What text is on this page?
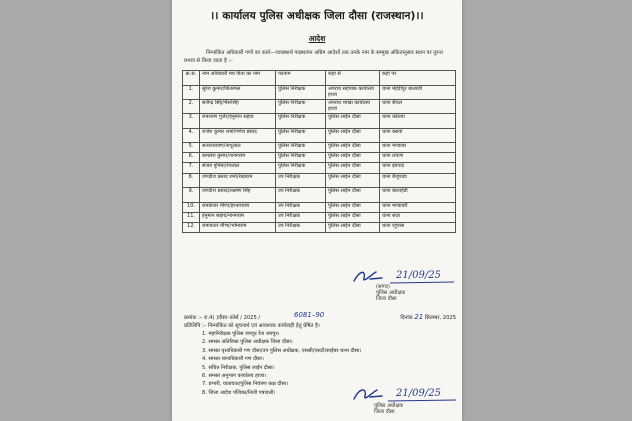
।। कार्यालय पुलिस अधीक्षक जिला दौसा (राजस्थान)।।
आदेश
निम्नांकित अधिकारी गणों का कार्य—व्यवस्थार्थ पदस्थापन अग्रिम आदेशों तक उनके नाम के सम्मुख अंकितानुसार स्थान पर तुरन्त प्रभाव से किया जाता है :–
क्र.स.	नाम अधिकारी मय पिता का नाम	पदनाम	कहा से	कहां पर
1.	सुरेश कुमार/छितरमल	पुलिस निरीक्षक	अपराध सहायक कार्यालय हाजा	थाना मेहंदीपुर बालाजी
2.	सजैन्द्र सिंह/भैरूसिंह	पुलिस निरीक्षक	अपराध शाखा कार्यालय हाजा	थाना सैंथल
3.	रामशरण गुर्जर/हनुमान सहाय	पुलिस निरीक्षक	पुलिस लाईन दौसा	थाना कोलवा
4.	राजेश कुमार शर्मा/गणेश प्रसाद	पुलिस निरीक्षक	पुलिस लाईन दौसा	थाना बसवा
5.	सत्यनारायण/नाथूलाल	पुलिस निरीक्षक	पुलिस लाईन दौसा	थाना मण्डावर
6.	कमलेश कुमार/नानगराम	पुलिस निरीक्षक	पुलिस लाईन दौसा	थाना लवाण
7.	संजय पुनिया/रंगलाल	पुलिस निरीक्षक	पुलिस लाईन दौसा	थाना झापदा
8.	जगदीश प्रसाद शर्मा/रेखाराम	उप निरीक्षक	पुलिस लाईन दौसा	थाना बैजूपाडा
9.	जगदीश प्रसाद/लक्ष्मण सिंह	उप निरीक्षक	पुलिस लाईन दौसा	थाना बालाहेडी
10.	रामकंवार मीणा/हरनारायण	उप निरीक्षक	पुलिस लाईन दौसा	थाना मण्डावरी
11.	हनुमान सहाय/नानगराम	उप निरीक्षक	पुलिस लाईन दौसा	थाना सदर
12.	रामावतार मीणा/भोमाराम	उप निरीक्षक	पुलिस लाईन दौसा	थाना रहुवास
21/09/25
(सागर)
पुलिस अधीक्षक
जिला दौसा
क्रमांक :– रा.4( )दौसा–कोर्स / 2025 /	6081–90	दिनांक 21 सितम्बर, 2025
प्रतिलिपि :– निम्नांकित को सूचनार्थ एवं आवश्यक कार्यवाही हेतु प्रेषित है।
1. महानिरीक्षक पुलिस जयपुर रेंज जयपुर।
2. समस्त अतिरिक्त पुलिस अधीक्षक जिला दौसा।
3. समस्त वृत्ताधिकारी गण दौसा/उप पुलिस अधीक्षक, एससी/एसटी/साईबर थाना दौसा।
4. समस्त थानाधिकारी गण दौसा।
5. संचित निरीक्षक, पुलिस लाईन दौसा।
6. समस्त अनुभाग कार्यालय हाजा।
7. प्रभारी, यातायात/पुलिस नियंत्रण कक्ष दौसा।
8. जिला आदेश पंजिका/निजी पत्रावली।	21/09/25
पुलिस अधीक्षक
जिला दौसा
